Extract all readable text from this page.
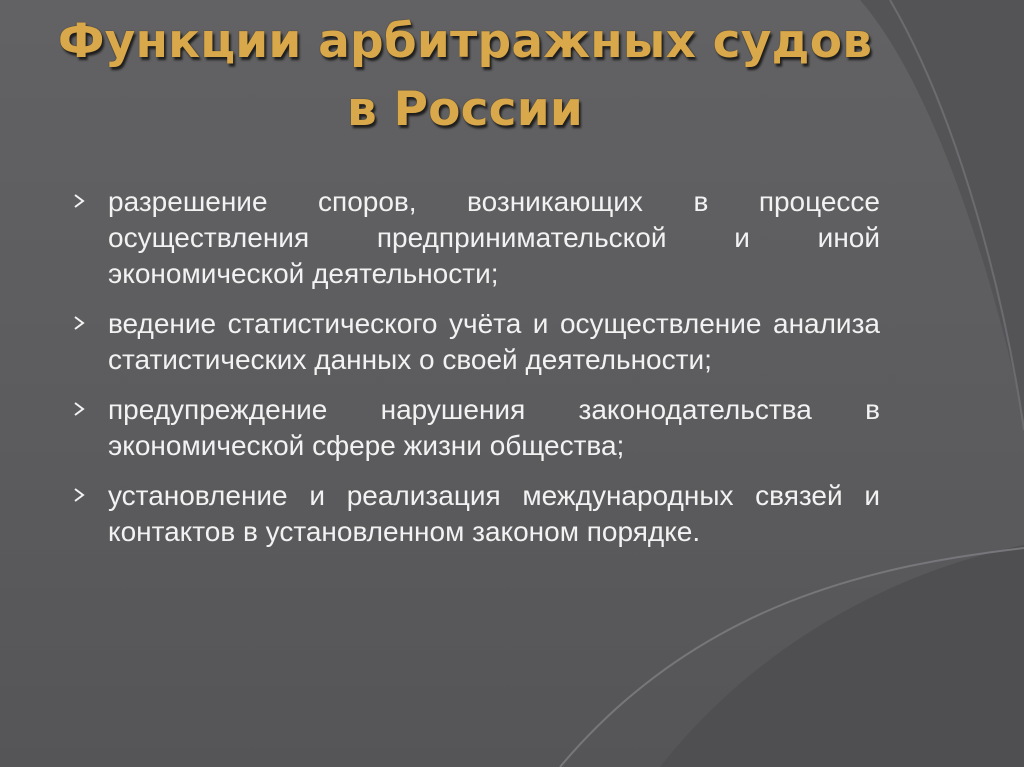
Функции арбитражных судов в России
разрешение споров, возникающих в процессе осуществления предпринимательской и иной экономической деятельности;
ведение статистического учёта и осуществление анализа статистических данных о своей деятельности;
предупреждение нарушения законодательства в экономической сфере жизни общества;
установление и реализация международных связей и контактов в установленном законом порядке.
